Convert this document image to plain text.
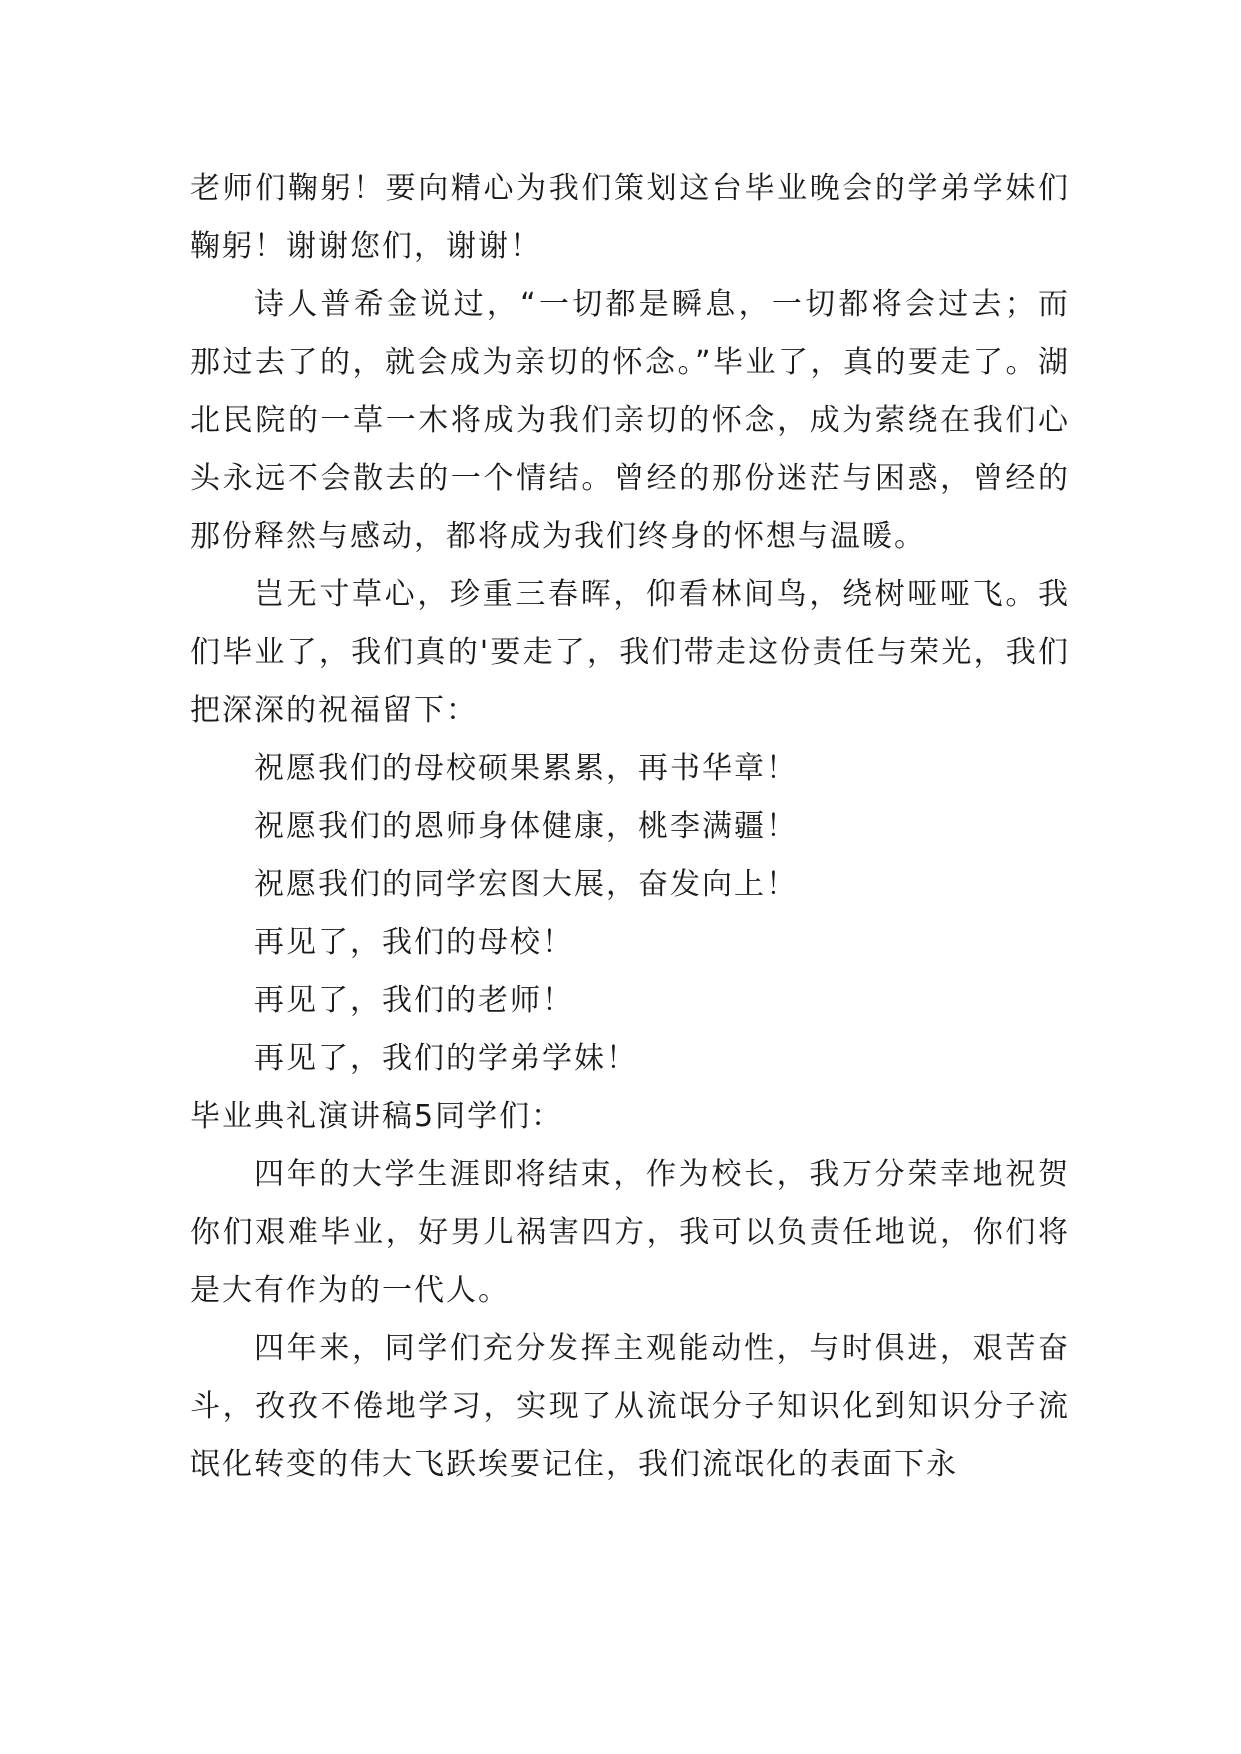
老师们鞠躬！要向精心为我们策划这台毕业晚会的学弟学妹们鞠躬！谢谢您们，谢谢！

诗人普希金说过，“一切都是瞬息，一切都将会过去；而那过去了的，就会成为亲切的怀念。”毕业了，真的要走了。湖北民院的一草一木将成为我们亲切的怀念，成为萦绕在我们心头永远不会散去的一个情结。曾经的那份迷茫与困惑，曾经的那份释然与感动，都将成为我们终身的怀想与温暖。

岂无寸草心，珍重三春晖，仰看林间鸟，绕树哑哑飞。我们毕业了，我们真的'要走了，我们带走这份责任与荣光，我们把深深的祝福留下：

祝愿我们的母校硕果累累，再书华章！
祝愿我们的恩师身体健康，桃李满疆！
祝愿我们的同学宏图大展，奋发向上！
再见了，我们的母校！
再见了，我们的老师！
再见了，我们的学弟学妹！
毕业典礼演讲稿5同学们：

四年的大学生涯即将结束，作为校长，我万分荣幸地祝贺你们艰难毕业，好男儿祸害四方，我可以负责任地说，你们将是大有作为的一代人。

四年来，同学们充分发挥主观能动性，与时俱进，艰苦奋斗，孜孜不倦地学习，实现了从流氓分子知识化到知识分子流氓化转变的伟大飞跃埃要记住，我们流氓化的表面下永
